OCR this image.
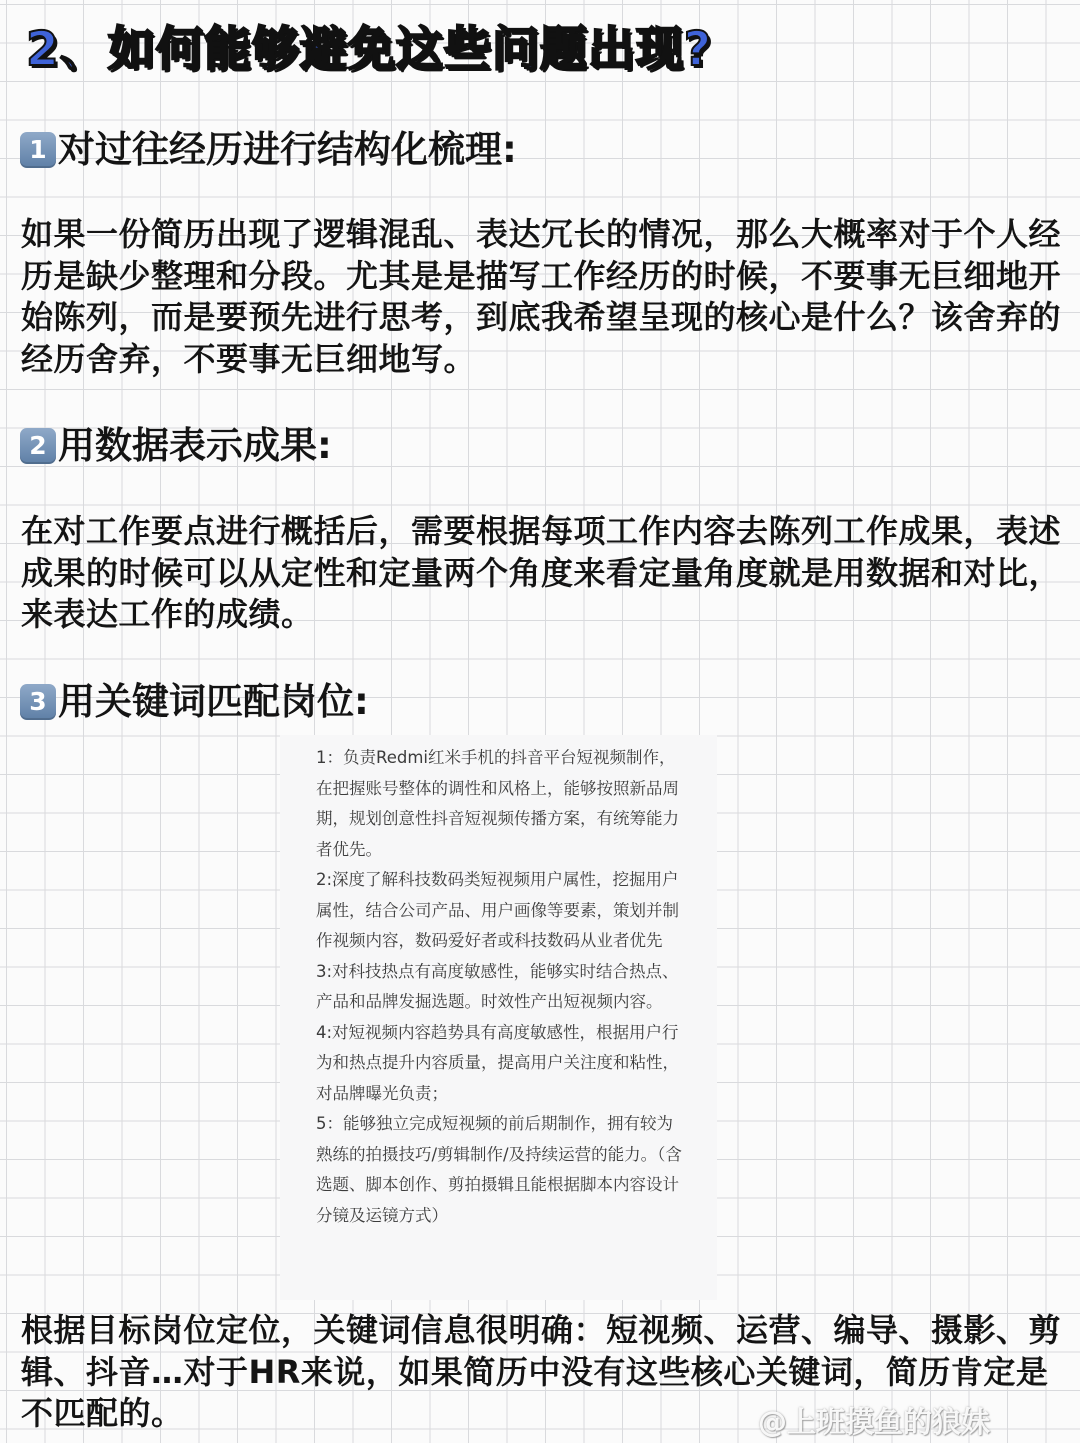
2、如何能够避免这些问题出现?
1 对过往经历进行结构化梳理:

如果一份简历出现了逻辑混乱、表达冗长的情况，那么大概率对于个人经历是缺少整理和分段。尤其是是描写工作经历的时候，不要事无巨细地开始陈列，而是要预先进行思考，到底我希望呈现的核心是什么？该舍弃的经历舍弃，不要事无巨细地写。

2 用数据表示成果:

在对工作要点进行概括后，需要根据每项工作内容去陈列工作成果，表述成果的时候可以从定性和定量两个角度来看定量角度就是用数据和对比，来表达工作的成绩。

3 用关键词匹配岗位:

1：负责Redmi红米手机的抖音平台短视频制作，在把握账号整体的调性和风格上，能够按照新品周期，规划创意性抖音短视频传播方案，有统筹能力者优先。

2:深度了解科技数码类短视频用户属性，挖掘用户属性，结合公司产品、用户画像等要素，策划并制作视频内容，数码爱好者或科技数码从业者优先

3:对科技热点有高度敏感性，能够实时结合热点、产品和品牌发掘选题。时效性产出短视频内容。

4:对短视频内容趋势具有高度敏感性，根据用户行为和热点提升内容质量，提高用户关注度和粘性，对品牌曝光负责；

5：能够独立完成短视频的前后期制作，拥有较为熟练的拍摄技巧/剪辑制作/及持续运营的能力。（含选题、脚本创作、剪拍摄辑且能根据脚本内容设计分镜及运镜方式）

根据目标岗位定位，关键词信息很明确：短视频、运营、编导、摄影、剪辑、抖音…对于HR来说，如果简历中没有这些核心关键词，简历肯定是不匹配的。	@上班摸鱼的狼妹
